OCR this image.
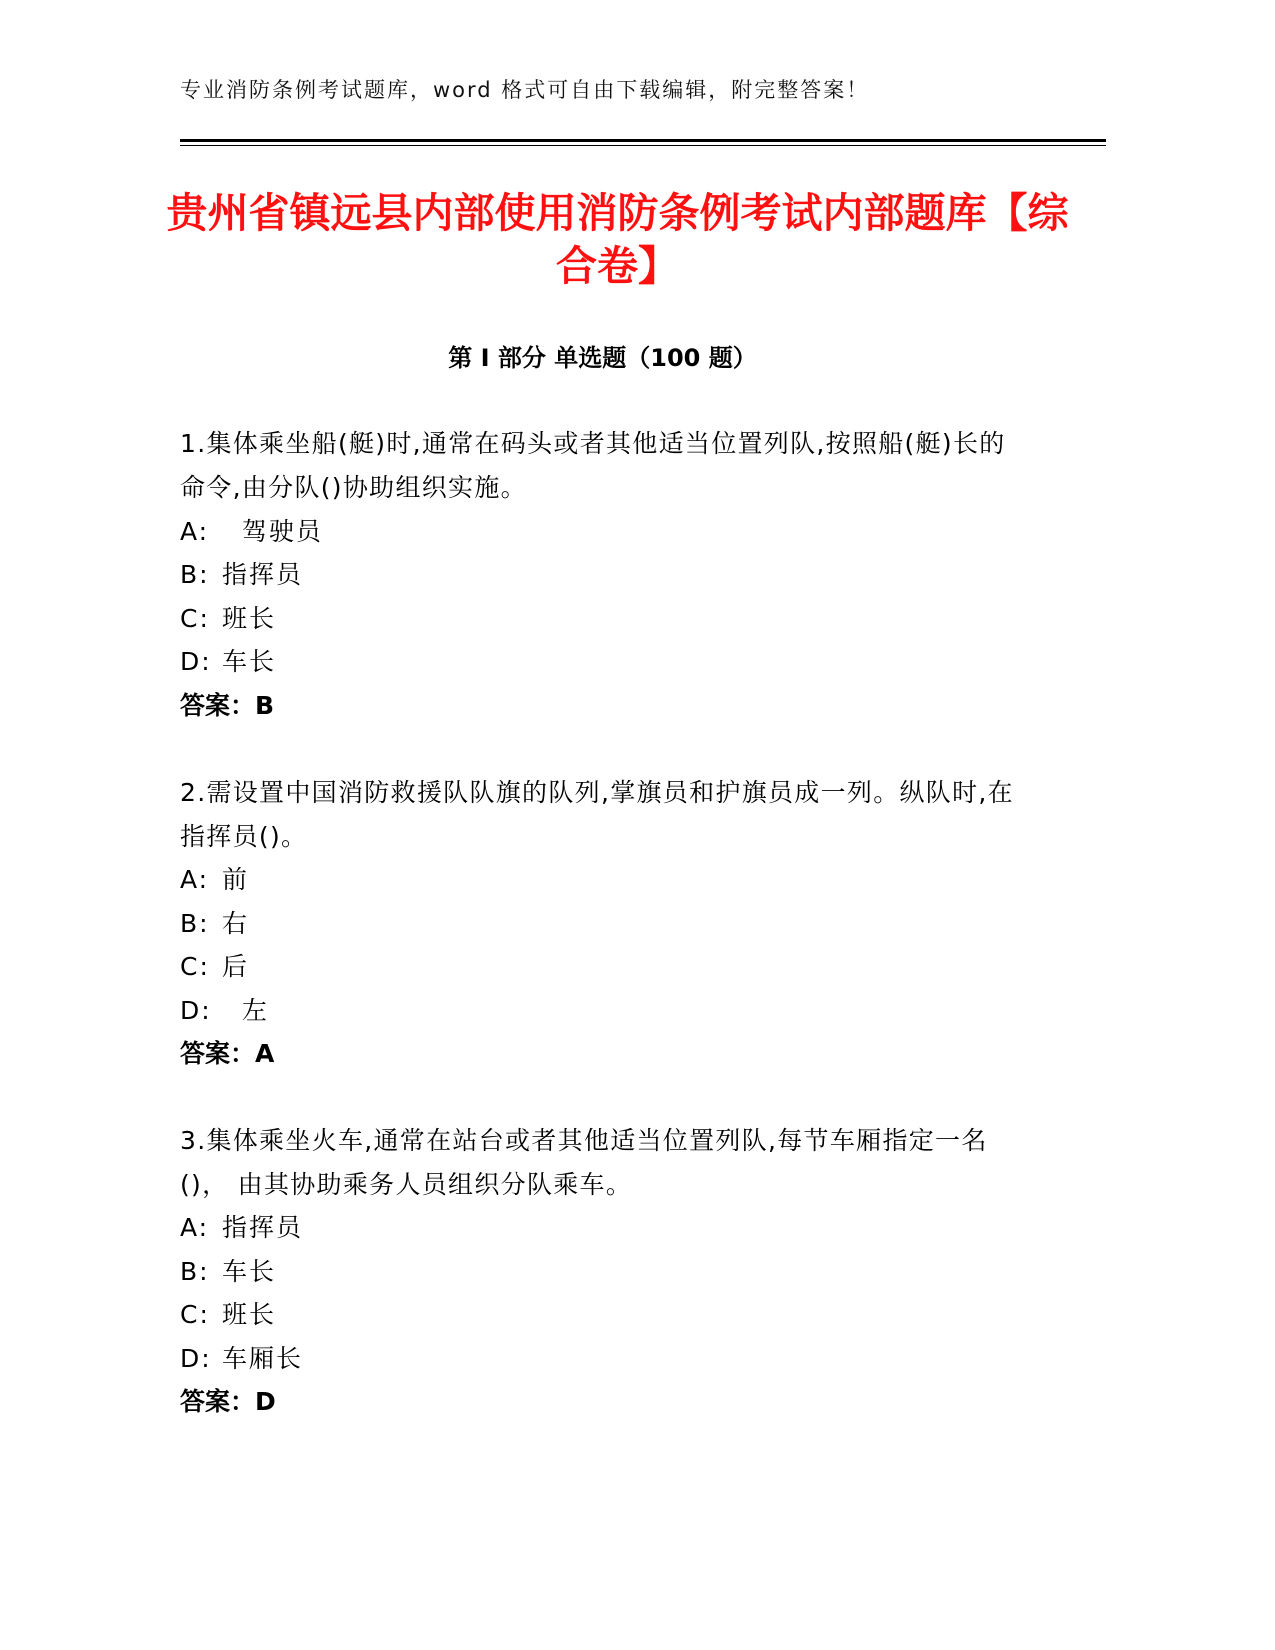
专业消防条例考试题库，word 格式可自由下载编辑，附完整答案！
贵州省镇远县内部使用消防条例考试内部题库【综合卷】
第 I 部分 单选题（100 题）
1.集体乘坐船(艇)时,通常在码头或者其他适当位置列队,按照船(艇)长的命令,由分队()协助组织实施。
A:  驾驶员
B: 指挥员
C: 班长
D: 车长
答案：B
2.需设置中国消防救援队队旗的队列,掌旗员和护旗员成一列。纵队时,在指挥员()。
A: 前
B: 右
C: 后
D:  左
答案：A
3.集体乘坐火车,通常在站台或者其他适当位置列队,每节车厢指定一名()， 由其协助乘务人员组织分队乘车。
A: 指挥员
B: 车长
C: 班长
D: 车厢长
答案：D
